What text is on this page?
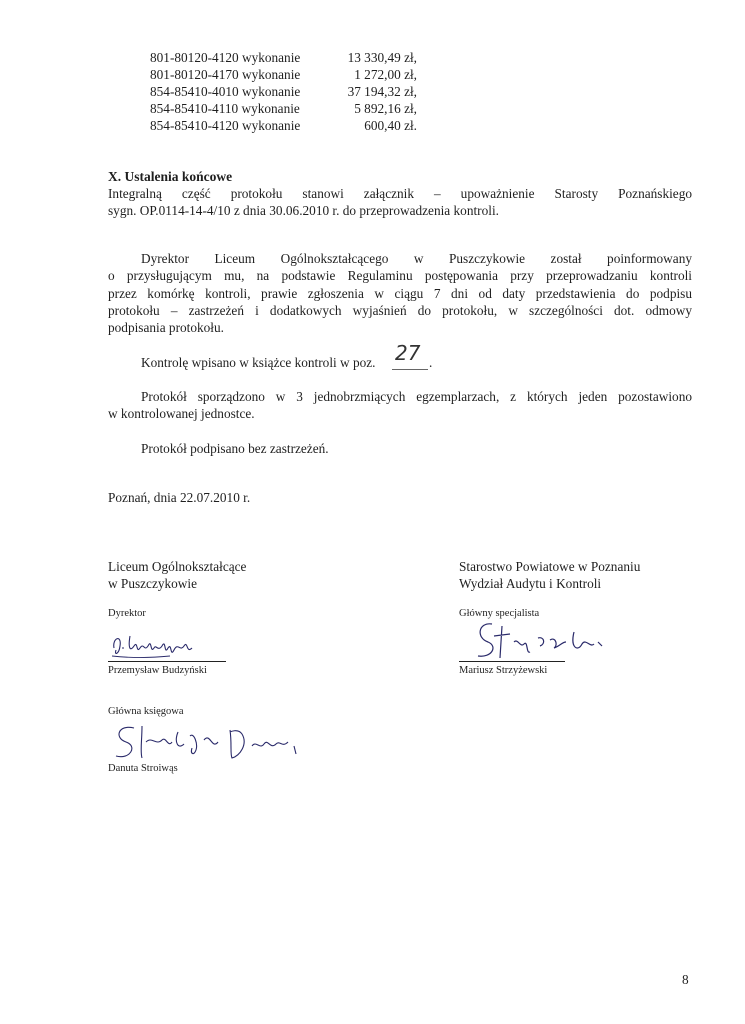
801-80120-4120 wykonanie	13 330,49 zł,
801-80120-4170 wykonanie	1 272,00 zł,
854-85410-4010 wykonanie	37 194,32 zł,
854-85410-4110 wykonanie	5 892,16 zł,
854-85410-4120 wykonanie	600,40 zł.
X. Ustalenia końcowe
Integralną część protokołu stanowi załącznik – upoważnienie Starosty Poznańskiego
sygn. OP.0114-14-4/10 z dnia 30.06.2010 r. do przeprowadzenia kontroli.
Dyrektor Liceum Ogólnokształcącego w Puszczykowie został poinformowany
o przysługującym mu, na podstawie Regulaminu postępowania przy przeprowadzaniu kontroli
przez komórkę kontroli, prawie zgłoszenia w ciągu 7 dni od daty przedstawienia do podpisu
protokołu – zastrzeżeń i dodatkowych wyjaśnień do protokołu, w szczególności dot. odmowy
podpisania protokołu.
Kontrolę wpisano w książce kontroli w poz. 27 .
Protokół sporządzono w 3 jednobrzmiących egzemplarzach, z których jeden pozostawiono
w kontrolowanej jednostce.
Protokół podpisano bez zastrzeżeń.
Poznań, dnia 22.07.2010 r.
Liceum Ogólnokształcące
w Puszczykowie
Dyrektor
Przemysław Budzyński
Główna księgowa
Danuta Stroiwąs
Starostwo Powiatowe w Poznaniu
Wydział Audytu i Kontroli
Główny specjalista
Mariusz Strzyżewski
8
